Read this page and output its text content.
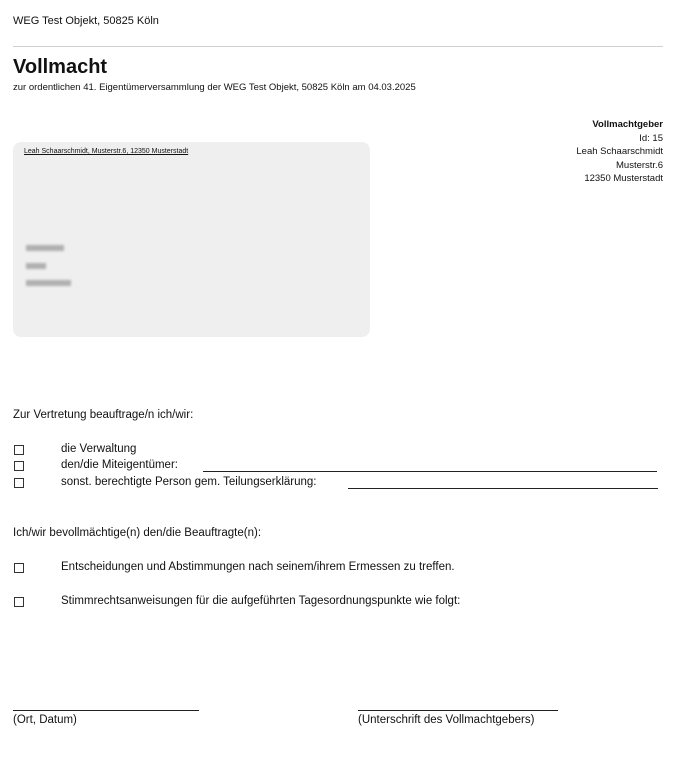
WEG Test Objekt, 50825 Köln
Vollmacht
zur ordentlichen 41. Eigentümerversammlung der WEG Test Objekt, 50825 Köln am 04.03.2025
Vollmachtgeber
Id: 15
Leah Schaarschmidt
Musterstr.6
12350 Musterstadt
Leah Schaarschmidt, Musterstr.6, 12350 Musterstadt
Zur Vertretung beauftrage/n ich/wir:
die Verwaltung
den/die Miteigentümer:
sonst. berechtigte Person gem. Teilungserklärung:
Ich/wir bevollmächtige(n) den/die Beauftragte(n):
Entscheidungen und Abstimmungen nach seinem/ihrem Ermessen zu treffen.
Stimmrechtsanweisungen für die aufgeführten Tagesordnungspunkte wie folgt:
(Ort, Datum)	(Unterschrift des Vollmachtgebers)
